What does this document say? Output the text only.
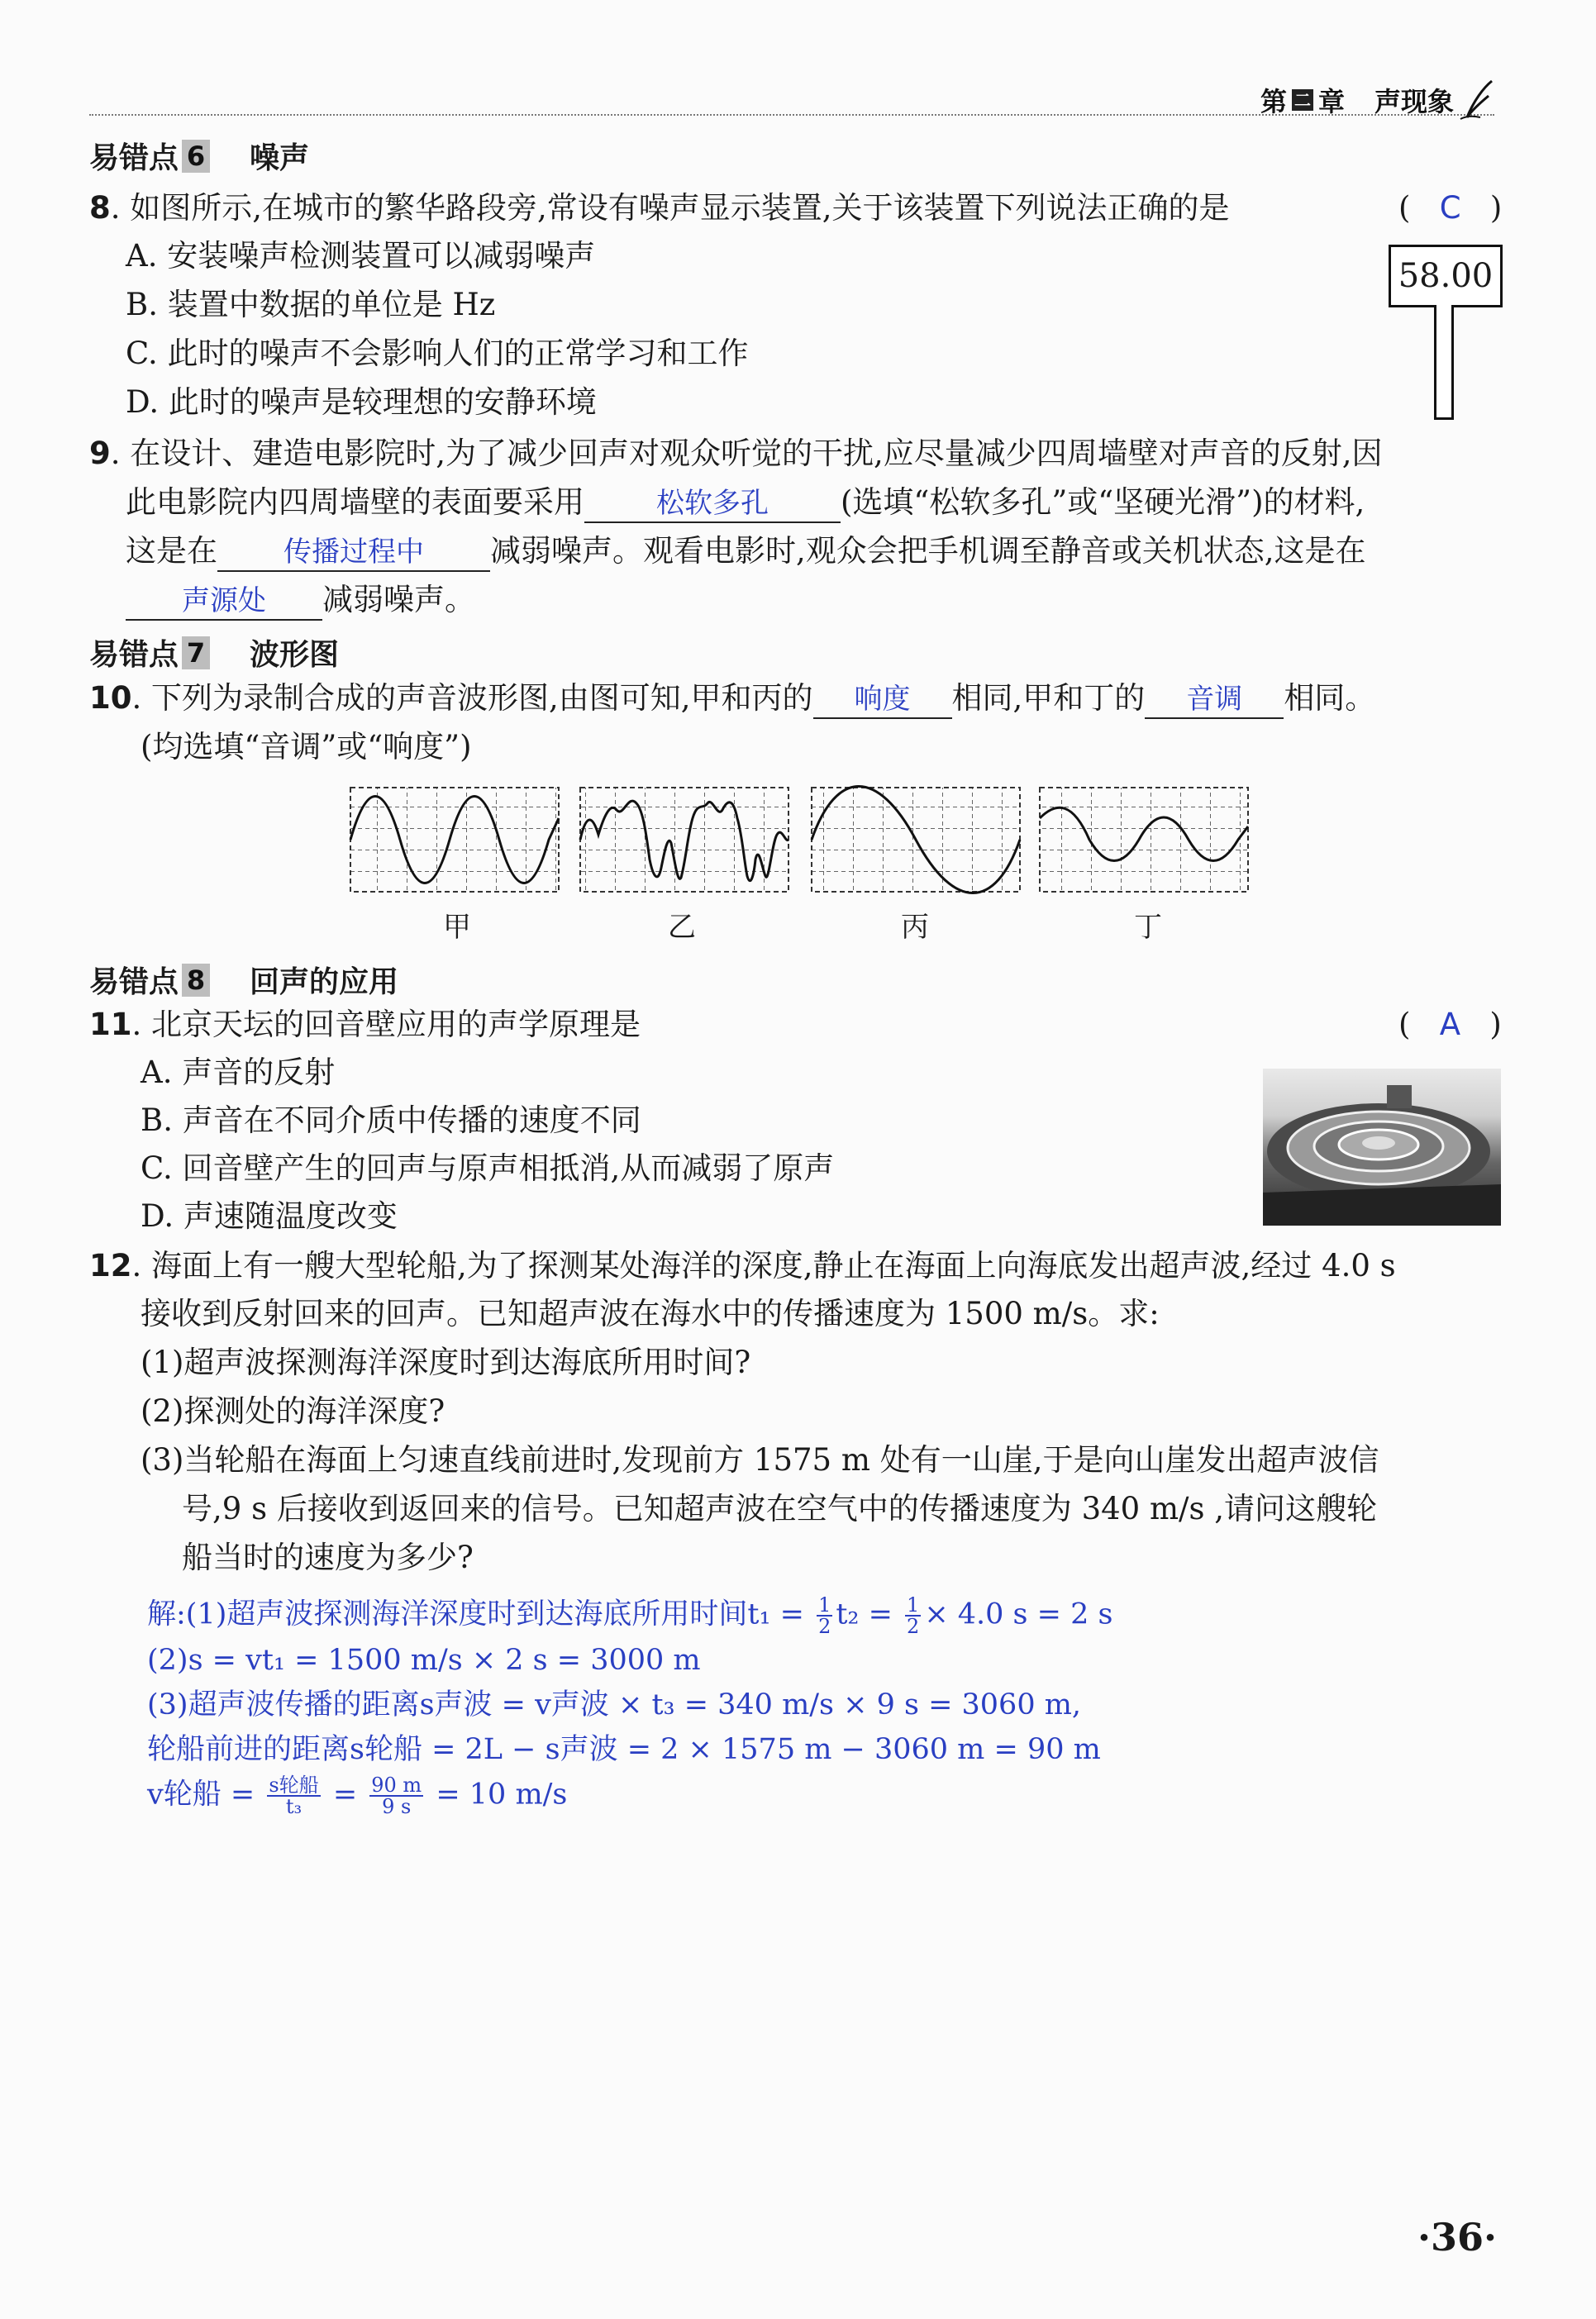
第 二 章 声现象
易错点 6 噪声
8. 如图所示,在城市的繁华路段旁,常设有噪声显示装置,关于该装置下列说法正确的是	(   C   )
A. 安装噪声检测装置可以减弱噪声
B. 装置中数据的单位是 Hz
C. 此时的噪声不会影响人们的正常学习和工作
D. 此时的噪声是较理想的安静环境
58.00
9. 在设计、建造电影院时,为了减少回声对观众听觉的干扰,应尽量减少四周墙壁对声音的反射,因
此电影院内四周墙壁的表面要采用	松软多孔 (选填“松软多孔”或“坚硬光滑”)的材料,
这是在 传播过程中 减弱噪声。观看电影时,观众会把手机调至静音或关机状态,这是在
声源处 减弱噪声。
易错点 7 波形图
10. 下列为录制合成的声音波形图,由图可知,甲和丙的 响度 相同,甲和丁的 音调 相同。
(均选填“音调”或“响度”)
甲	乙	丙	丁
易错点 8 回声的应用
11. 北京天坛的回音壁应用的声学原理是	(   A   )
A. 声音的反射
B. 声音在不同介质中传播的速度不同
C. 回音壁产生的回声与原声相抵消,从而减弱了原声
D. 声速随温度改变
12. 海面上有一艘大型轮船,为了探测某处海洋的深度,静止在海面上向海底发出超声波,经过 4.0 s
接收到反射回来的回声。已知超声波在海水中的传播速度为 1500 m/s。求:
(1)超声波探测海洋深度时到达海底所用时间?
(2)探测处的海洋深度?
(3)当轮船在海面上匀速直线前进时,发现前方 1575 m 处有一山崖,于是向山崖发出超声波信
号,9 s 后接收到返回来的信号。已知超声波在空气中的传播速度为 340 m/s ,请问这艘轮
船当时的速度为多少?
解:(1)超声波探测海洋深度时到达海底所用时间$t_1 = \frac{1}{2} t_2 = \frac{1}{2} \times 4.0$ s = 2 s
(2)s = vt₁ = 1500 m/s × 2 s = 3000 m
(3)超声波传播的距离s声波 = v声波 × t₃ = 340 m/s × 9 s = 3060 m,
轮船前进的距离s轮船 = 2L − s声波 = 2 × 1575 m − 3060 m = 90 m
v轮船 = $\frac{\text{s轮船}}{\text{t₃}} = \frac{90 m}{9 s} = 10$ m/s
·36·
